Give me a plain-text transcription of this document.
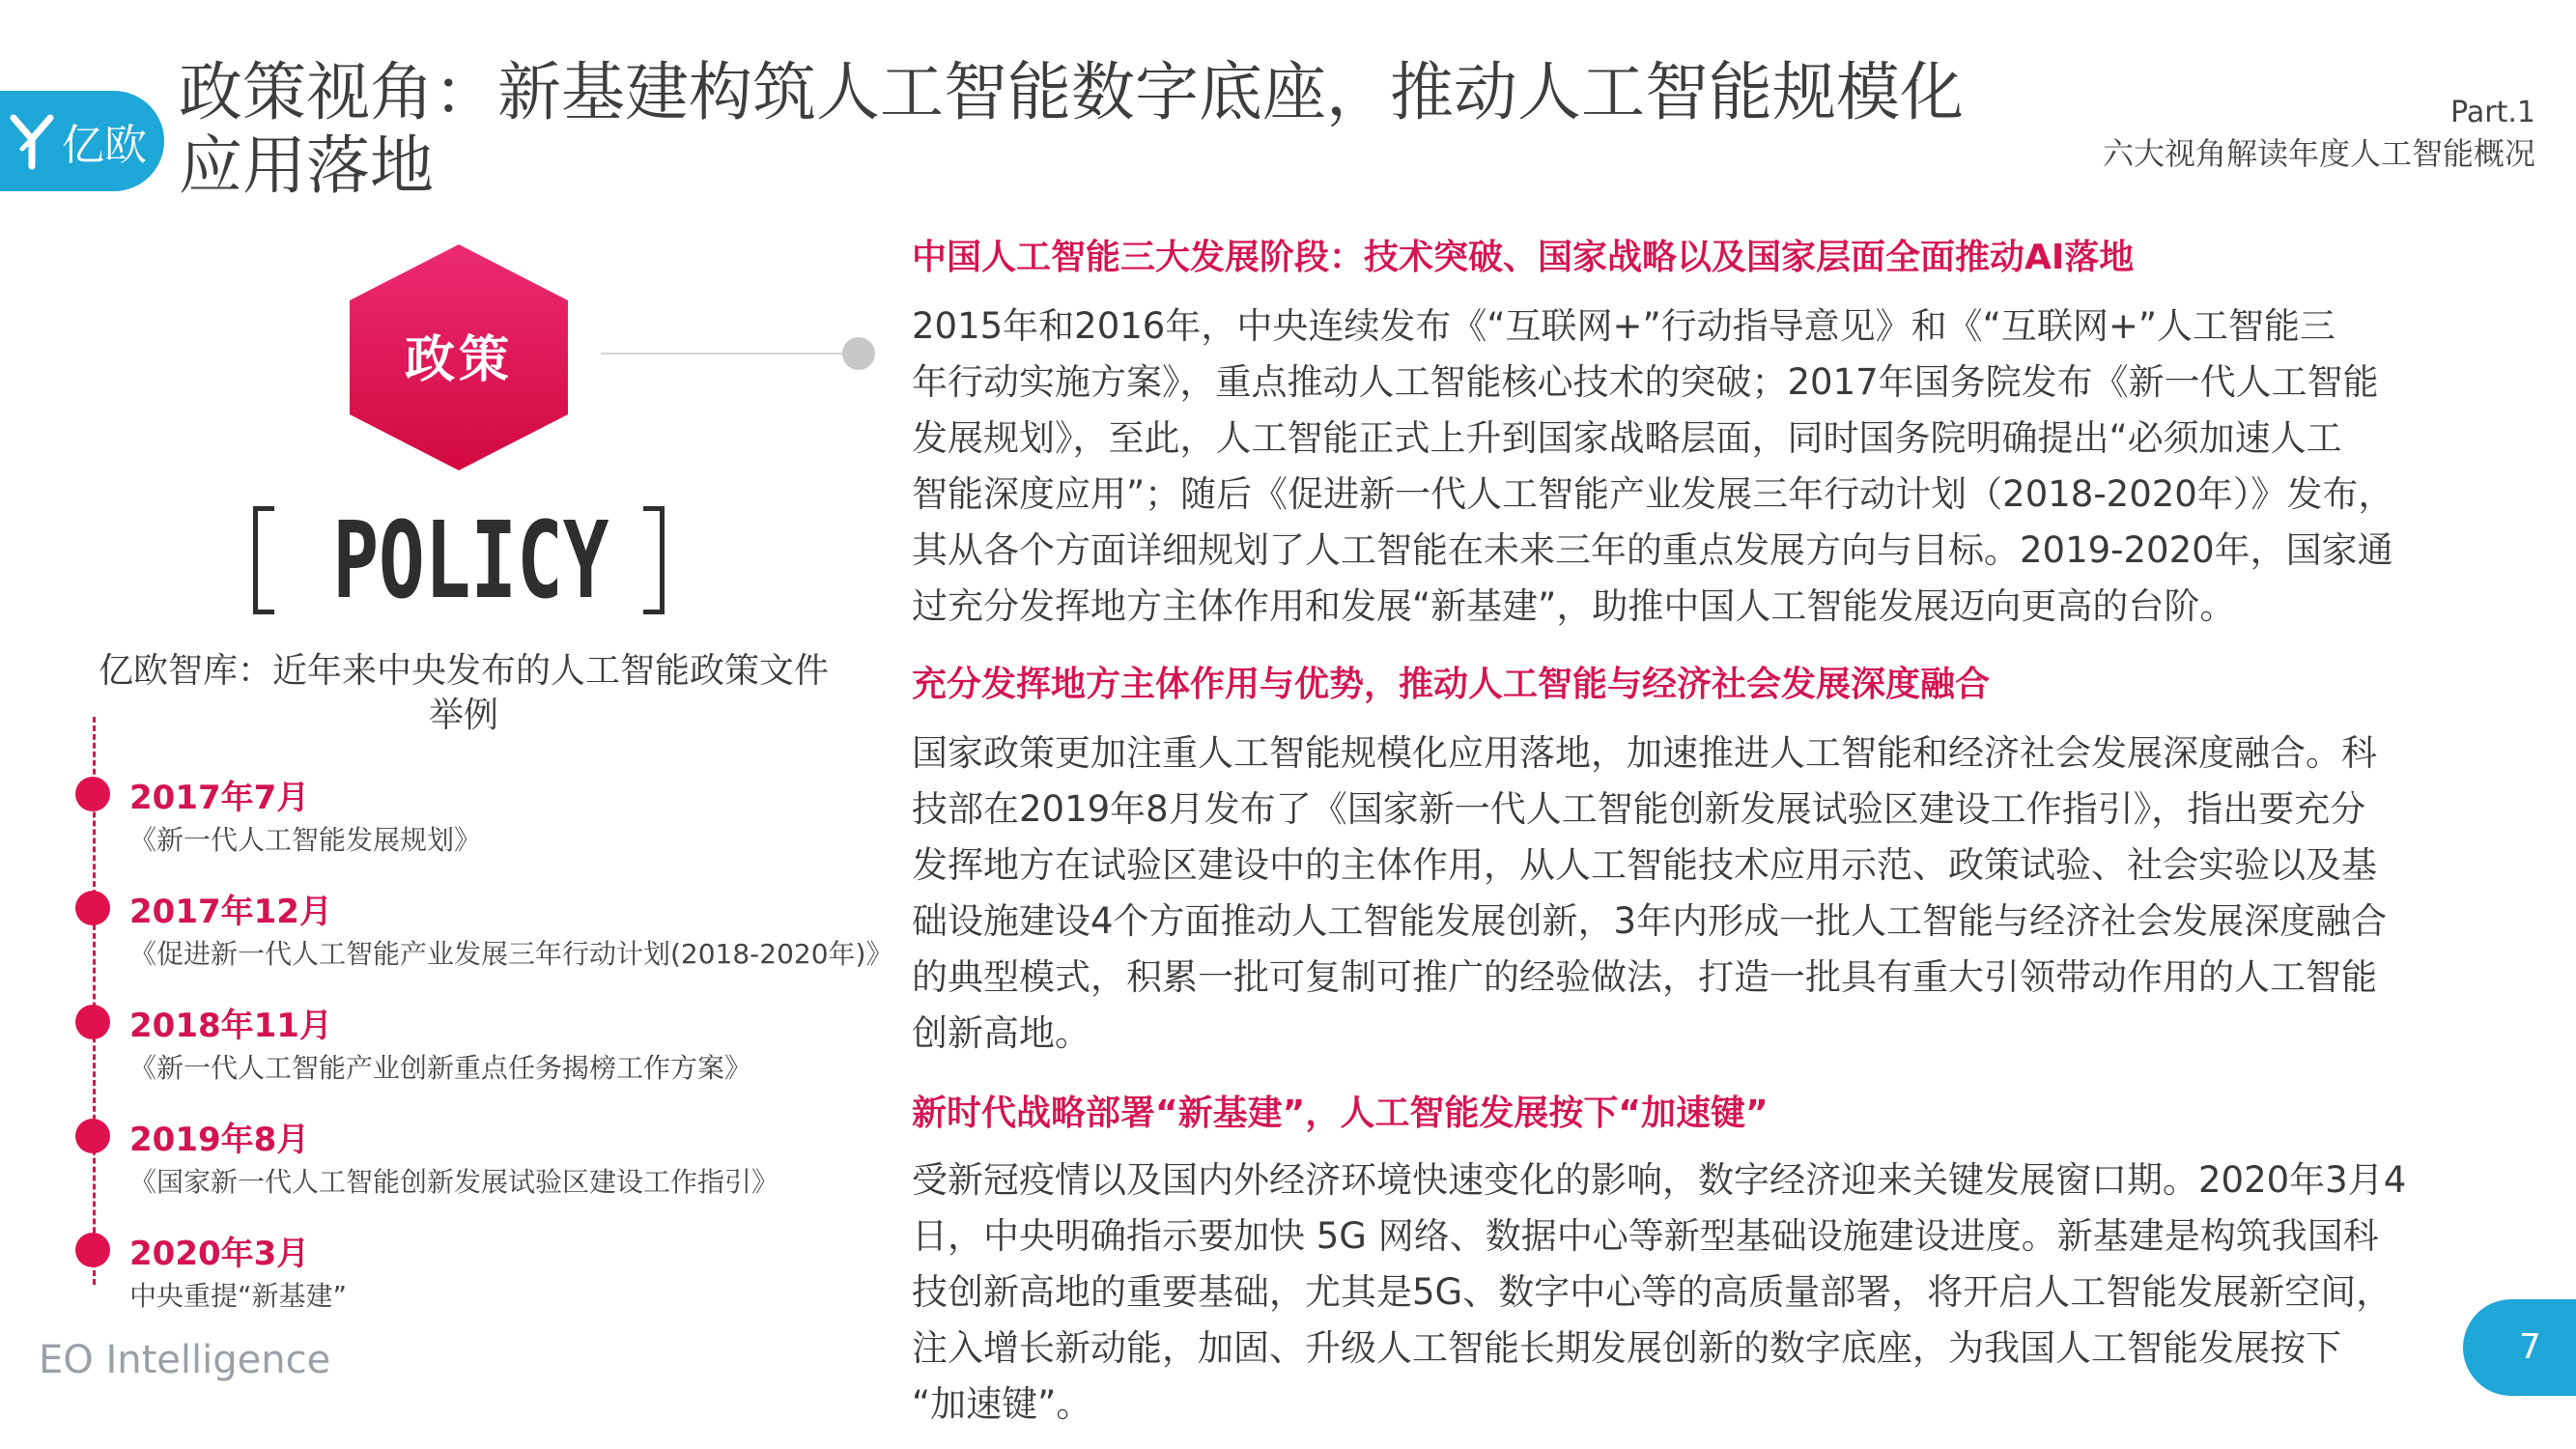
亿欧
政策视角：新基建构筑人工智能数字底座，推动人工智能规模化应用落地
Part.1
六大视角解读年度人工智能概况
政策
POLICY
亿欧智库：近年来中央发布的人工智能政策文件举例
2017年7月
《新一代人工智能发展规划》
2017年12月
《促进新一代人工智能产业发展三年行动计划(2018-2020年)》
2018年11月
《新一代人工智能产业创新重点任务揭榜工作方案》
2019年8月
《国家新一代人工智能创新发展试验区建设工作指引》
2020年3月
中央重提“新基建”
EO Intelligence
中国人工智能三大发展阶段：技术突破、国家战略以及国家层面全面推动AI落地
2015年和2016年，中央连续发布《“互联网+”行动指导意见》和《“互联网+”人工智能三
年行动实施方案》，重点推动人工智能核心技术的突破；2017年国务院发布《新一代人工智能
发展规划》，至此，人工智能正式上升到国家战略层面，同时国务院明确提出“必须加速人工
智能深度应用”；随后《促进新一代人工智能产业发展三年行动计划（2018-2020年）》发布，
其从各个方面详细规划了人工智能在未来三年的重点发展方向与目标。2019-2020年，国家通
过充分发挥地方主体作用和发展“新基建”，助推中国人工智能发展迈向更高的台阶。
充分发挥地方主体作用与优势，推动人工智能与经济社会发展深度融合
国家政策更加注重人工智能规模化应用落地，加速推进人工智能和经济社会发展深度融合。科
技部在2019年8月发布了《国家新一代人工智能创新发展试验区建设工作指引》，指出要充分
发挥地方在试验区建设中的主体作用，从人工智能技术应用示范、政策试验、社会实验以及基
础设施建设4个方面推动人工智能发展创新，3年内形成一批人工智能与经济社会发展深度融合
的典型模式，积累一批可复制可推广的经验做法，打造一批具有重大引领带动作用的人工智能
创新高地。
新时代战略部署“新基建”，人工智能发展按下“加速键”
受新冠疫情以及国内外经济环境快速变化的影响，数字经济迎来关键发展窗口期。2020年3月4
日，中央明确指示要加快 5G 网络、数据中心等新型基础设施建设进度。新基建是构筑我国科
技创新高地的重要基础，尤其是5G、数字中心等的高质量部署，将开启人工智能发展新空间，
注入增长新动能，加固、升级人工智能长期发展创新的数字底座，为我国人工智能发展按下
“加速键”。
7
